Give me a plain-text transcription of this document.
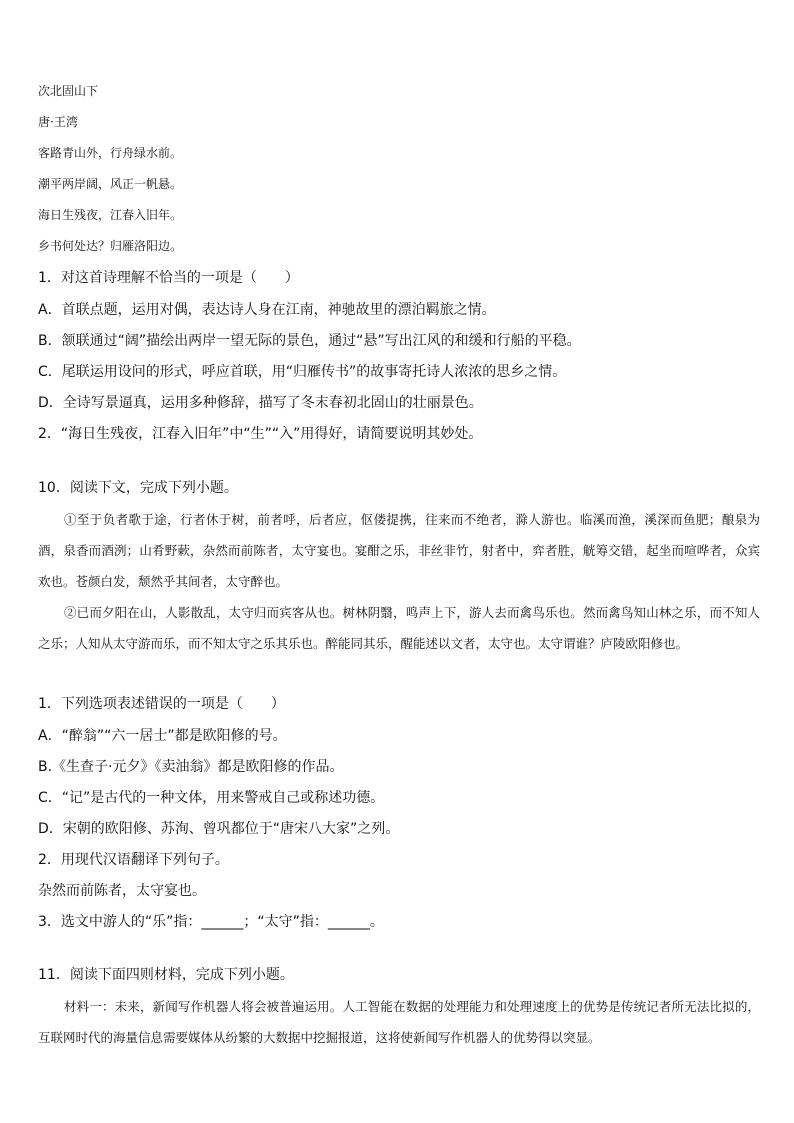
次北固山下
唐·王湾
客路青山外，行舟绿水前。
潮平两岸阔，风正一帆悬。
海日生残夜，江春入旧年。
乡书何处达？归雁洛阳边。
1．对这首诗理解不恰当的一项是（　　）
A．首联点题，运用对偶，表达诗人身在江南，神驰故里的漂泊羁旅之情。
B．颔联通过“阔”描绘出两岸一望无际的景色，通过“悬”写出江风的和缓和行船的平稳。
C．尾联运用设问的形式，呼应首联，用“归雁传书”的故事寄托诗人浓浓的思乡之情。
D．全诗写景逼真，运用多种修辞，描写了冬末春初北固山的壮丽景色。
2．“海日生残夜，江春入旧年”中“生”“入”用得好，请简要说明其妙处。
10．阅读下文，完成下列小题。

①至于负者歌于途，行者休于树，前者呼，后者应，伛偻提携，往来而不绝者，滁人游也。临溪而渔，溪深而鱼肥；酿泉为酒，泉香而酒洌；山肴野蔌，杂然而前陈者，太守宴也。宴酣之乐，非丝非竹，射者中，弈者胜，觥筹交错，起坐而喧哗者，众宾欢也。苍颜白发，颓然乎其间者，太守醉也。

②已而夕阳在山，人影散乱，太守归而宾客从也。树林阴翳，鸣声上下，游人去而禽鸟乐也。然而禽鸟知山林之乐，而不知人之乐；人知从太守游而乐，而不知太守之乐其乐也。醉能同其乐，醒能述以文者，太守也。太守谓谁？庐陵欧阳修也。

1．下列选项表述错误的一项是（　　）
A．“醉翁”“六一居士”都是欧阳修的号。
B.《生查子·元夕》《卖油翁》都是欧阳修的作品。
C．“记”是古代的一种文体，用来警戒自己或称述功德。
D．宋朝的欧阳修、苏洵、曾巩都位于“唐宋八大家”之列。
2．用现代汉语翻译下列句子。
杂然而前陈者，太守宴也。
3．选文中游人的“乐”指：______；“太守”指：______。
11．阅读下面四则材料，完成下列小题。

材料一：未来，新闻写作机器人将会被普遍运用。人工智能在数据的处理能力和处理速度上的优势是传统记者所无法比拟的，互联网时代的海量信息需要媒体从纷繁的大数据中挖掘报道，这将使新闻写作机器人的优势得以突显。
